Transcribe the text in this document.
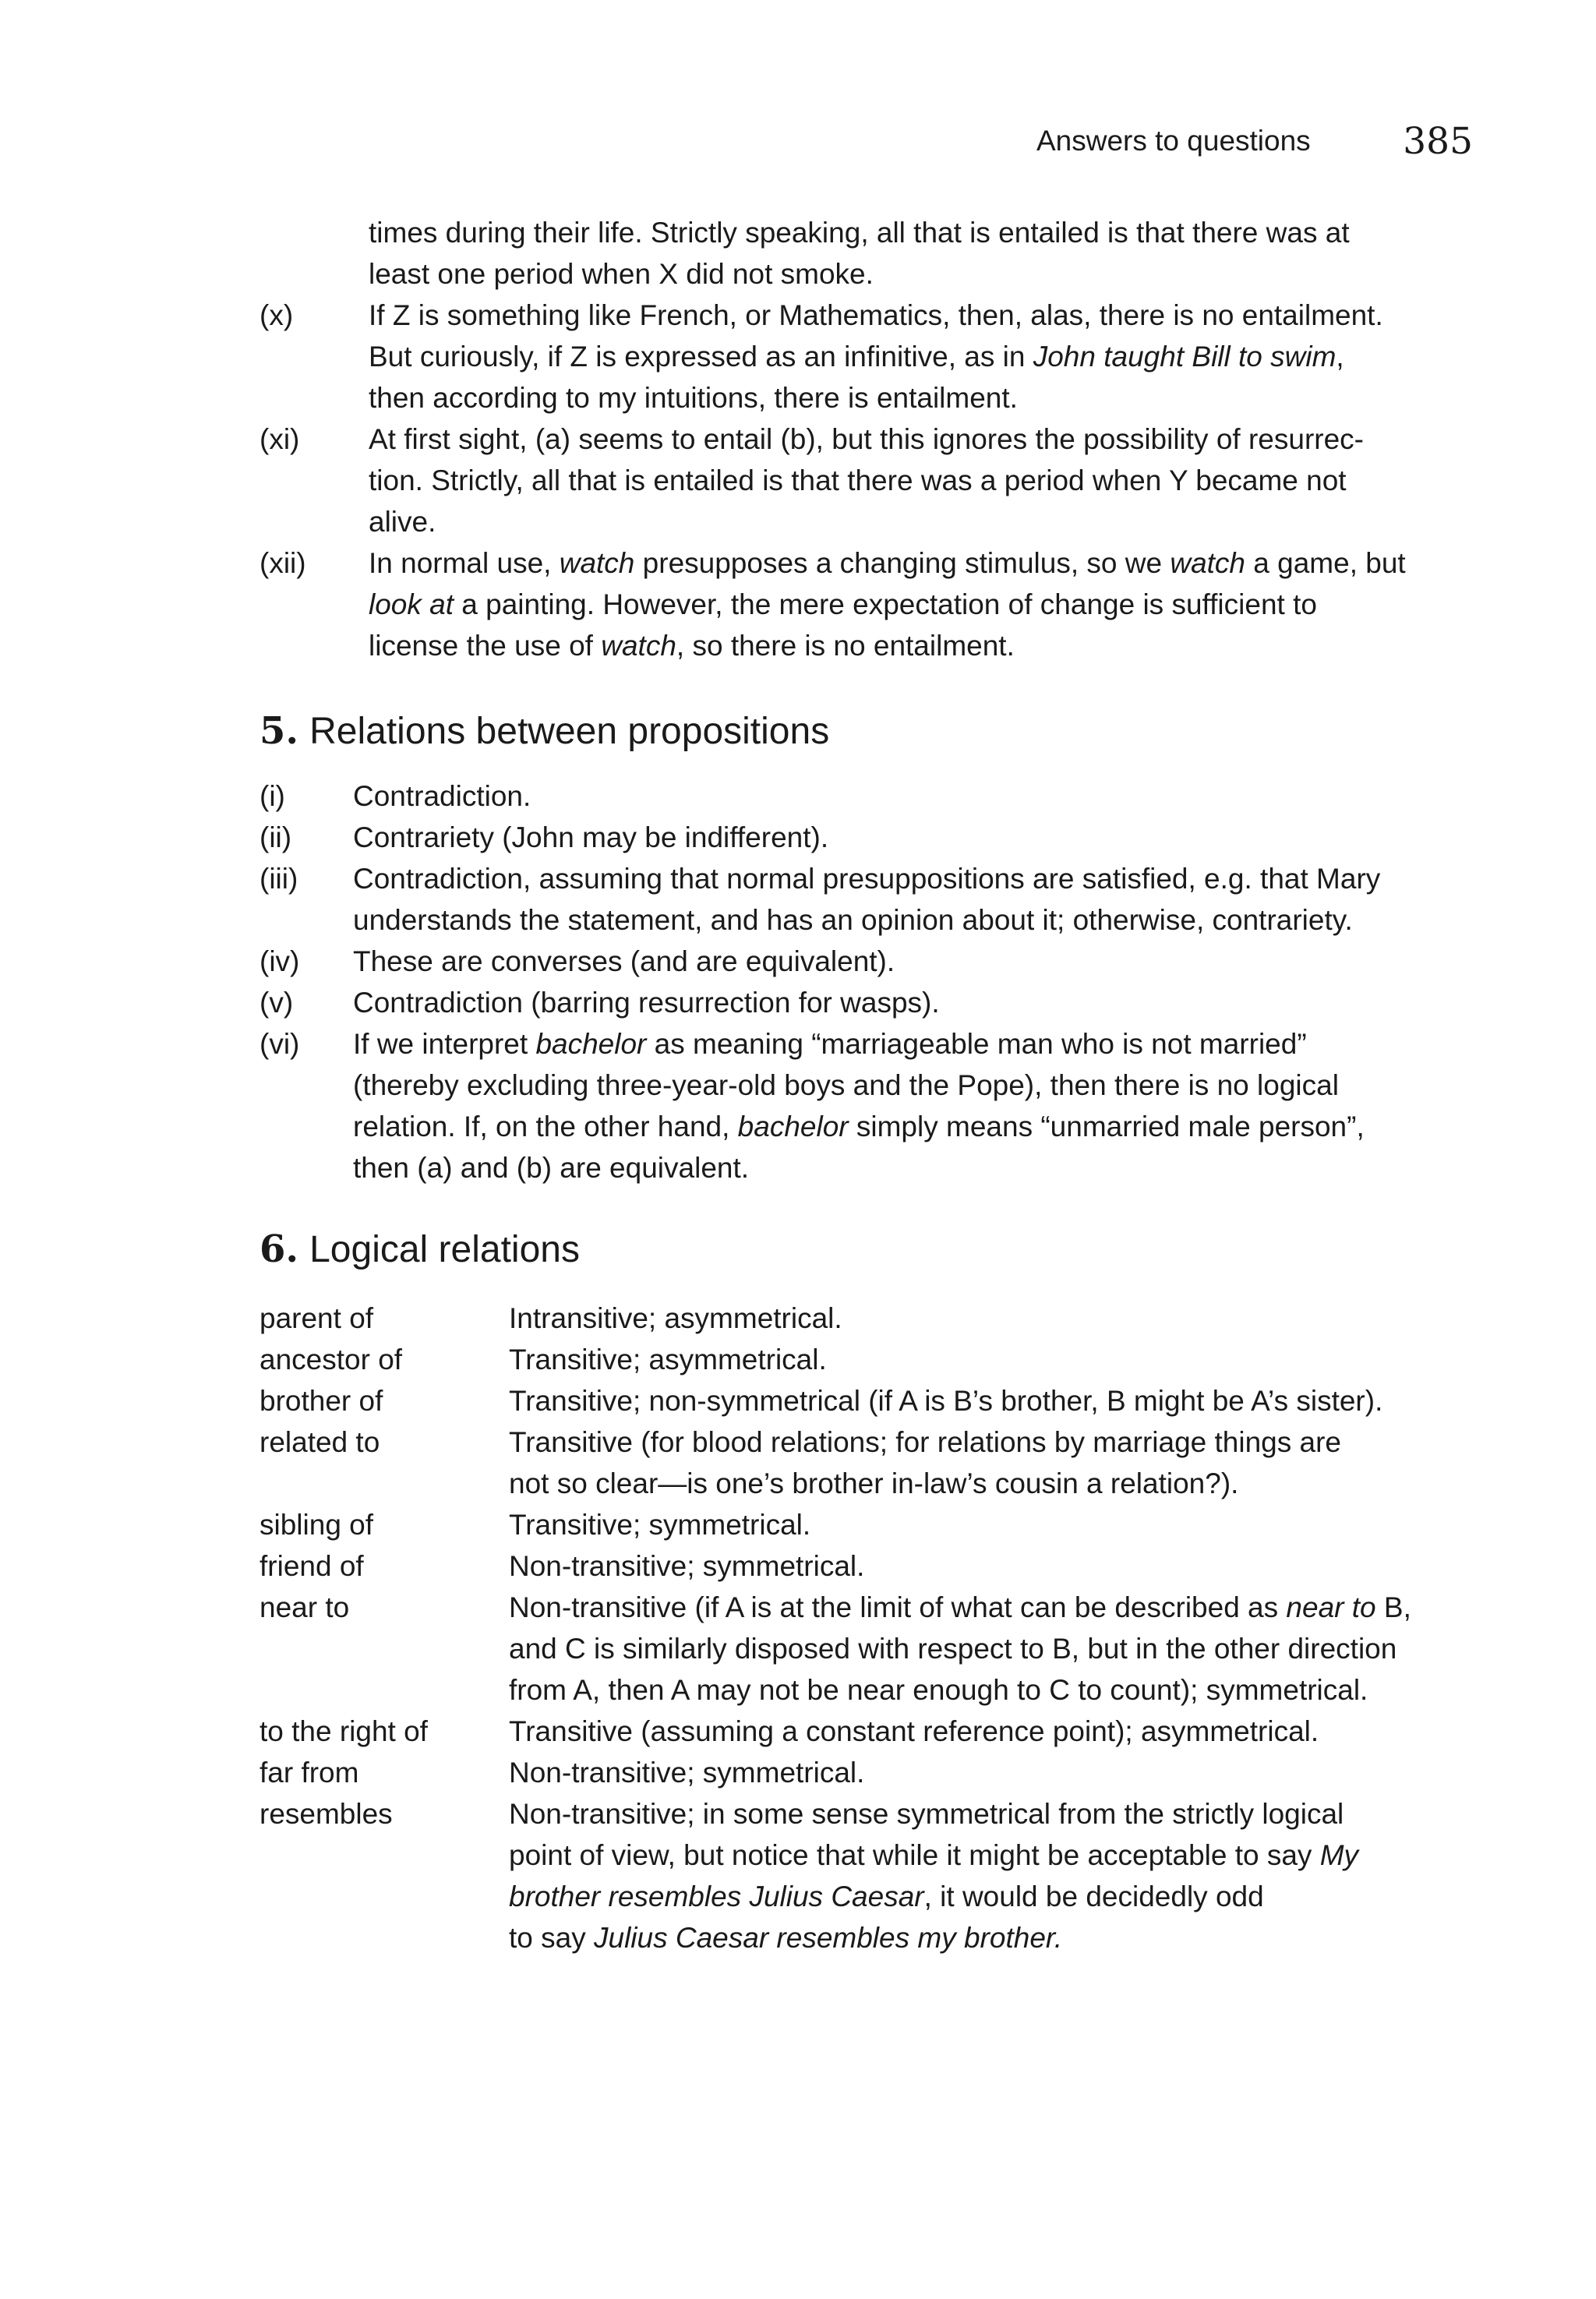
Answers to questions	385
times during their life. Strictly speaking, all that is entailed is that there was at
least one period when X did not smoke.
(x)	If Z is something like French, or Mathematics, then, alas, there is no entailment.
But curiously, if Z is expressed as an infinitive, as in John taught Bill to swim,
then according to my intuitions, there is entailment.
(xi) At first sight, (a) seems to entail (b), but this ignores the possibility of resurrec-
tion. Strictly, all that is entailed is that there was a period when Y became not
alive.
(xii) In normal use, watch presupposes a changing stimulus, so we watch a game, but
look at a painting. However, the mere expectation of change is sufficient to
license the use of watch, so there is no entailment.
5. Relations between propositions
(i) Contradiction.
(ii) Contrariety (John may be indifferent).
(iii) Contradiction, assuming that normal presuppositions are satisfied, e.g. that Mary
understands the statement, and has an opinion about it; otherwise, contrariety.
(iv) These are converses (and are equivalent).
(v) Contradiction (barring resurrection for wasps).
(vi) If we interpret bachelor as meaning “marriageable man who is not married”
(thereby excluding three-year-old boys and the Pope), then there is no logical
relation. If, on the other hand, bachelor simply means “unmarried male person”,
then (a) and (b) are equivalent.
6. Logical relations
parent of	Intransitive; asymmetrical.
ancestor of	Transitive; asymmetrical.
brother of	Transitive; non-symmetrical (if A is B’s brother, B might be A’s sister).
related to	Transitive (for blood relations; for relations by marriage things are
not so clear—is one’s brother in-law’s cousin a relation?).
sibling of	Transitive; symmetrical.
friend of	Non-transitive; symmetrical.
near to	Non-transitive (if A is at the limit of what can be described as near to B,
and C is similarly disposed with respect to B, but in the other direction
from A, then A may not be near enough to C to count); symmetrical.
to the right of	Transitive (assuming a constant reference point); asymmetrical.
far from	Non-transitive; symmetrical.
resembles	Non-transitive; in some sense symmetrical from the strictly logical
point of view, but notice that while it might be acceptable to say My
brother resembles Julius Caesar, it would be decidedly odd
to say Julius Caesar resembles my brother.
